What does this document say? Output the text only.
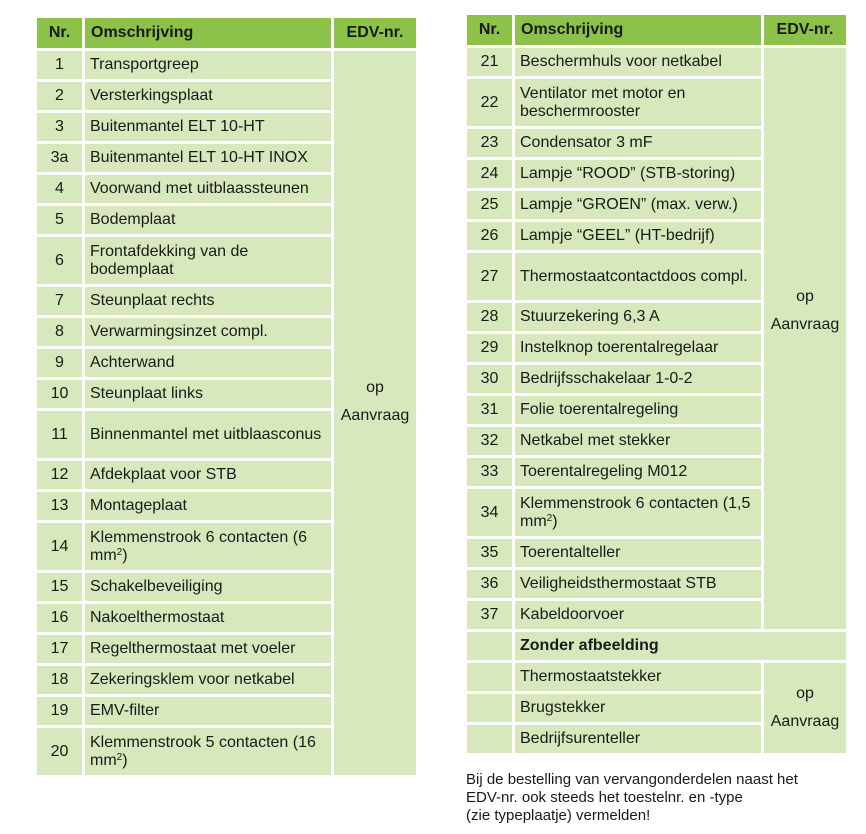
Nr.	Omschrijving	EDV-nr.
1	Transportgreep	op
Aanvraag

2	Versterkingsplaat	
3	Buitenmantel ELT 10-HT	
3a	Buitenmantel ELT 10-HT INOX	
4	Voorwand met uitblaassteunen	
5	Bodemplaat	
6	Frontafdekking van de bodemplaat	
7	Steunplaat rechts	
8	Verwarmingsinzet compl.	
9	Achterwand	
10	Steunplaat links	
11	Binnenmantel met uitblaasconus	
12	Afdekplaat voor STB	
13	Montageplaat	
14	Klemmenstrook 6 contacten (6 $mm^2$)	
15	Schakelbeveiliging	
16	Nakoelthermostaat	
17	Regelthermostaat met voeler	
18	Zekeringsklem voor netkabel	
19	EMV-filter	
20	Klemmenstrook 5 contacten (16 $mm^2$)	
Nr.	Omschrijving	EDV-nr.
21	Beschermhuls voor netkabel	op
Aanvraag

22	Ventilator met motor en beschermrooster	
23	Condensator 3 mF	
24	Lampje “ROOD” (STB-storing)	
25	Lampje “GROEN” (max. verw.)	
26	Lampje “GEEL” (HT-bedrijf)	
27	Thermostaatcontactdoos compl.	
28	Stuurzekering 6,3 A	
29	Instelknop toerentalregelaar	
30	Bedrijfsschakelaar 1-0-2	
31	Folie toerentalregeling	
32	Netkabel met stekker	
33	Toerentalregeling M012	
34	Klemmenstrook 6 contacten (1,5 $mm^2$)	
35	Toerentalteller	
36	Veiligheidsthermostaat STB	
37	Kabeldoorvoer	
	Zonder afbeelding	
	Thermostaatstekker	op
Aanvraag

	Brugstekker	
	Bedrijfsurenteller	
Bij de bestelling van vervangonderdelen naast het
EDV-nr. ook steeds het toestelnr. en -type
(zie typeplaatje) vermelden!
